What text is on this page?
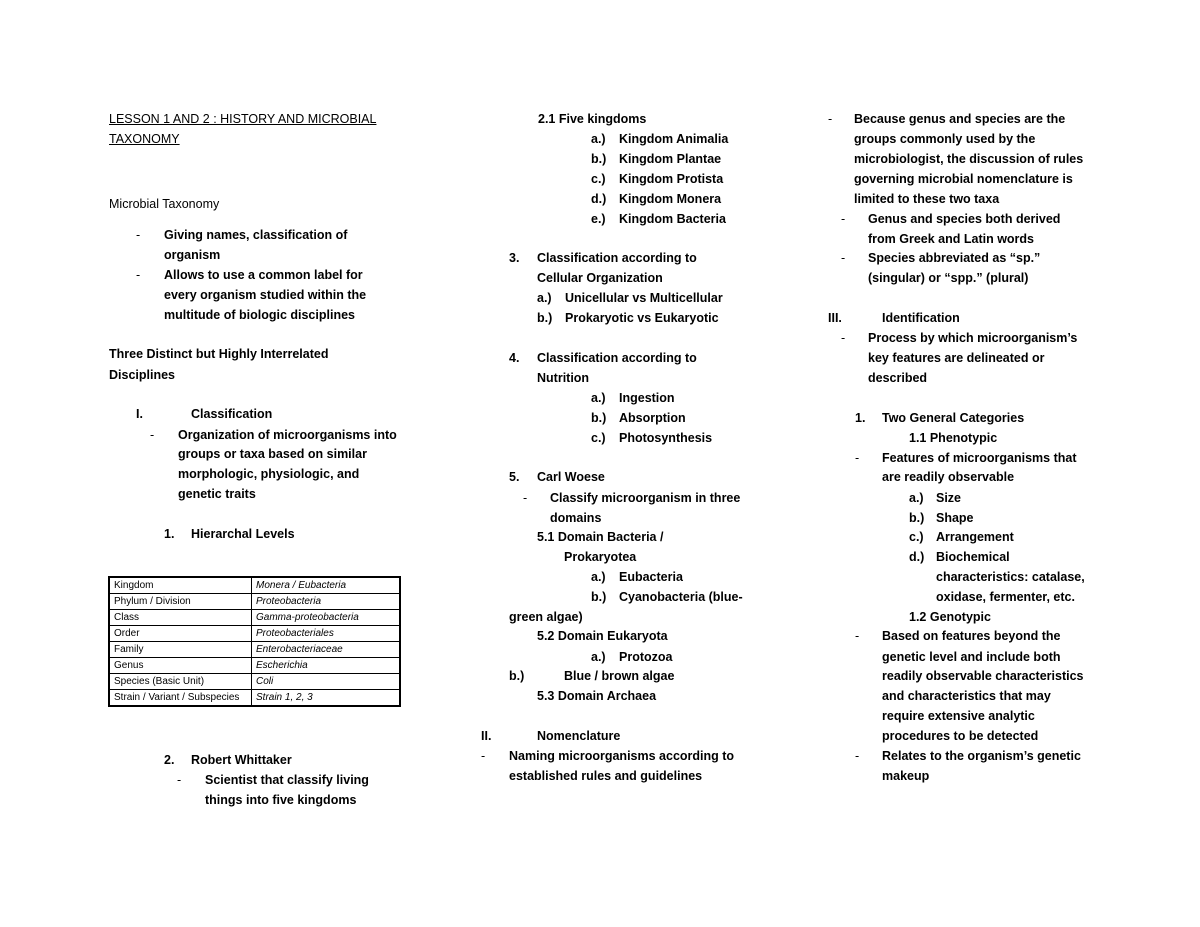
LESSON 1 AND 2 : HISTORY AND MICROBIAL
TAXONOMY
Microbial Taxonomy
- Giving names, classification of
organism
- Allows to use a common label for
every organism studied within the
multitude of biologic disciplines
Three Distinct but Highly Interrelated
Disciplines
I.	Classification
- Organization of microorganisms into
groups or taxa based on similar
morphologic, physiologic, and
genetic traits
1. Hierarchal Levels
Kingdom	Monera / Eubacteria
Phylum / Division	Proteobacteria
Class	Gamma-proteobacteria
Order	Proteobacteriales
Family	Enterobacteriaceae
Genus	Escherichia
Species (Basic Unit)	Coli
Strain / Variant / Subspecies	Strain 1, 2, 3
2. Robert Whittaker
- Scientist that classify living
things into five kingdoms
2.1 Five kingdoms
a.) Kingdom Animalia
b.) Kingdom Plantae
c.) Kingdom Protista
d.) Kingdom Monera
e.) Kingdom Bacteria
3. Classification according to
Cellular Organization
a.) Unicellular vs Multicellular
b.) Prokaryotic vs Eukaryotic
4. Classification according to
Nutrition
a.) Ingestion
b.) Absorption
c.) Photosynthesis
5. Carl Woese
- Classify microorganism in three
domains
5.1 Domain Bacteria /
Prokaryotea
a.) Eubacteria
b.) Cyanobacteria (blue-
green algae)
5.2 Domain Eukaryota
a.) Protozoa
b.)	Blue / brown algae
5.3 Domain Archaea
II.	Nomenclature
- Naming microorganisms according to
established rules and guidelines
- Because genus and species are the
groups commonly used by the
microbiologist, the discussion of rules
governing microbial nomenclature is
limited to these two taxa
- Genus and species both derived
from Greek and Latin words
- Species abbreviated as “sp.”
(singular) or “spp.” (plural)
III.	Identification
- Process by which microorganism’s
key features are delineated or
described
1. Two General Categories
1.1 Phenotypic
- Features of microorganisms that
are readily observable
a.) Size
b.) Shape
c.) Arrangement
d.) Biochemical
characteristics: catalase,
oxidase, fermenter, etc.
1.2 Genotypic
- Based on features beyond the
genetic level and include both
readily observable characteristics
and characteristics that may
require extensive analytic
procedures to be detected
- Relates to the organism’s genetic
makeup
